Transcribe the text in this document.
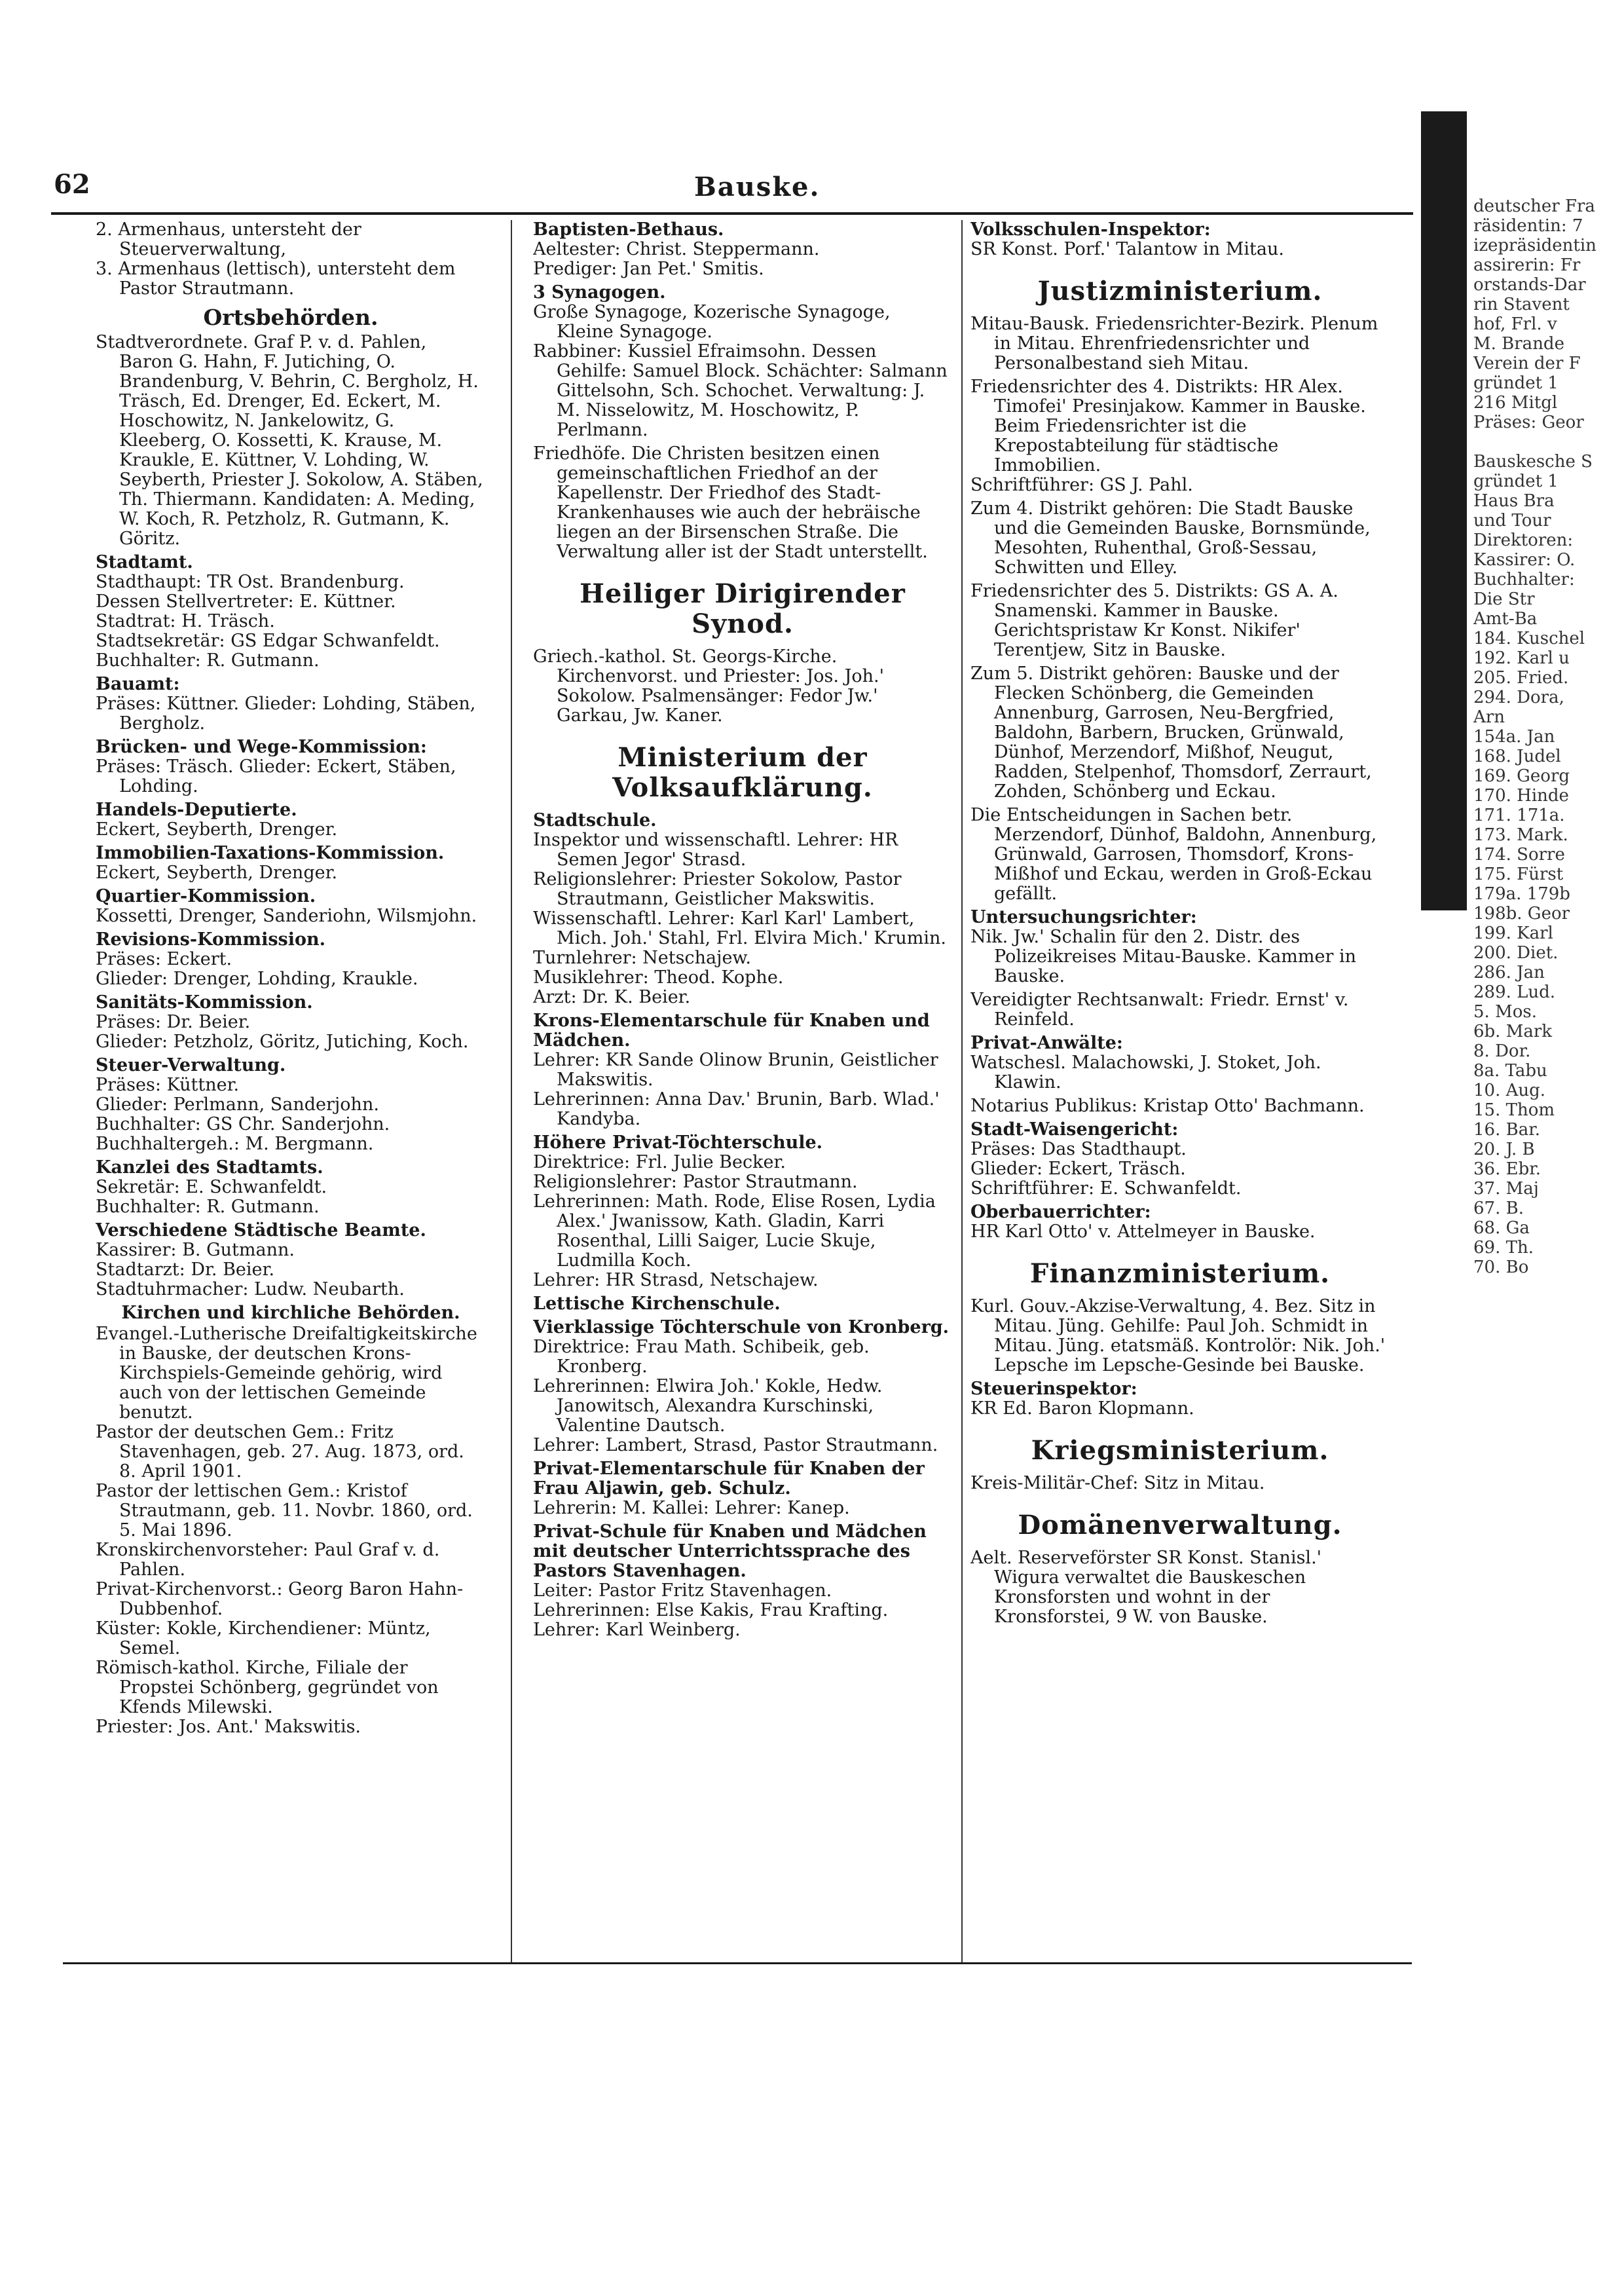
62	Bauske.
2. Armenhaus, untersteht der Steuerverwaltung,
3. Armenhaus (lettisch), untersteht dem Pastor Strautmann.
Ortsbehörden.
Stadtverordnete. Graf P. v. d. Pahlen, Baron G. Hahn, F. Jutiching, O. Brandenburg, V. Behrin, C. Bergholz, H. Träsch, Ed. Drenger, Ed. Eckert, M. Hoschowitz, N. Jankelowitz, G. Kleeberg, O. Kossetti, K. Krause, M. Kraukle, E. Küttner, V. Lohding, W. Seyberth, Priester J. Sokolow, A. Stäben, Th. Thiermann. Kandidaten: A. Meding, W. Koch, R. Petzholz, R. Gutmann, K. Göritz.
Stadtamt.
Stadthaupt: TR Ost. Brandenburg.
Dessen Stellvertreter: E. Küttner.
Stadtrat: H. Träsch.
Stadtsekretär: GS Edgar Schwanfeldt.
Buchhalter: R. Gutmann.
Bauamt:
Präses: Küttner. Glieder: Lohding, Stäben, Bergholz.
Brücken- und Wege-Kommission:
Präses: Träsch. Glieder: Eckert, Stäben, Lohding.
Handels-Deputierte.
Eckert, Seyberth, Drenger.
Immobilien-Taxations-Kommission.
Eckert, Seyberth, Drenger.
Quartier-Kommission.
Kossetti, Drenger, Sanderiohn, Wilsmjohn.
Revisions-Kommission.
Präses: Eckert.
Glieder: Drenger, Lohding, Kraukle.
Sanitäts-Kommission.
Präses: Dr. Beier.
Glieder: Petzholz, Göritz, Jutiching, Koch.
Steuer-Verwaltung.
Präses: Küttner.
Glieder: Perlmann, Sanderjohn.
Buchhalter: GS Chr. Sanderjohn.
Buchhaltergeh.: M. Bergmann.
Kanzlei des Stadtamts.
Sekretär: E. Schwanfeldt.
Buchhalter: R. Gutmann.
Verschiedene Städtische Beamte.
Kassirer: B. Gutmann.
Stadtarzt: Dr. Beier.
Stadtuhrmacher: Ludw. Neubarth.
Kirchen und kirchliche Behörden.
Evangel.-Lutherische Dreifaltigkeitskirche in Bauske, der deutschen Krons-Kirchspiels-Gemeinde gehörig, wird auch von der lettischen Gemeinde benutzt.
Pastor der deutschen Gem.: Fritz Stavenhagen, geb. 27. Aug. 1873, ord. 8. April 1901.
Pastor der lettischen Gem.: Kristof Strautmann, geb. 11. Novbr. 1860, ord. 5. Mai 1896.
Kronskirchenvorsteher: Paul Graf v. d. Pahlen.
Privat-Kirchenvorst.: Georg Baron Hahn-Dubbenhof.
Küster: Kokle, Kirchendiener: Müntz, Semel.
Römisch-kathol. Kirche, Filiale der Propstei Schönberg, gegründet von Kfends Milewski.
Priester: Jos. Ant.' Makswitis.
Baptisten-Bethaus.
Aeltester: Christ. Steppermann.
Prediger: Jan Pet.' Smitis.
3 Synagogen.
Große Synagoge, Kozerische Synagoge, Kleine Synagoge.
Rabbiner: Kussiel Efraimsohn. Dessen Gehilfe: Samuel Block. Schächter: Salmann Gittelsohn, Sch. Schochet. Verwaltung: J. M. Nisselowitz, M. Hoschowitz, P. Perlmann.
Friedhöfe. Die Christen besitzen einen gemeinschaftlichen Friedhof an der Kapellenstr. Der Friedhof des Stadt-Krankenhauses wie auch der hebräische liegen an der Birsenschen Straße. Die Verwaltung aller ist der Stadt unterstellt.
Heiliger Dirigirender Synod.
Griech.-kathol. St. Georgs-Kirche. Kirchenvorst. und Priester: Jos. Joh.' Sokolow. Psalmensänger: Fedor Jw.' Garkau, Jw. Kaner.
Ministerium der Volksaufklärung.
Stadtschule.
Inspektor und wissenschaftl. Lehrer: HR Semen Jegor' Strasd.
Religionslehrer: Priester Sokolow, Pastor Strautmann, Geistlicher Makswitis.
Wissenschaftl. Lehrer: Karl Karl' Lambert, Mich. Joh.' Stahl, Frl. Elvira Mich.' Krumin.
Turnlehrer: Netschajew.
Musiklehrer: Theod. Kophe.
Arzt: Dr. K. Beier.
Krons-Elementarschule für Knaben und Mädchen.
Lehrer: KR Sande Olinow Brunin, Geistlicher Makswitis.
Lehrerinnen: Anna Dav.' Brunin, Barb. Wlad.' Kandyba.
Höhere Privat-Töchterschule.
Direktrice: Frl. Julie Becker.
Religionslehrer: Pastor Strautmann.
Lehrerinnen: Math. Rode, Elise Rosen, Lydia Alex.' Jwanissow, Kath. Gladin, Karri Rosenthal, Lilli Saiger, Lucie Skuje, Ludmilla Koch.
Lehrer: HR Strasd, Netschajew.
Lettische Kirchenschule.
Vierklassige Töchterschule von Kronberg.
Direktrice: Frau Math. Schibeik, geb. Kronberg.
Lehrerinnen: Elwira Joh.' Kokle, Hedw. Janowitsch, Alexandra Kurschinski, Valentine Dautsch.
Lehrer: Lambert, Strasd, Pastor Strautmann.
Privat-Elementarschule für Knaben der Frau Aljawin, geb. Schulz.
Lehrerin: M. Kallei: Lehrer: Kanep.
Privat-Schule für Knaben und Mädchen mit deutscher Unterrichtssprache des Pastors Stavenhagen.
Leiter: Pastor Fritz Stavenhagen.
Lehrerinnen: Else Kakis, Frau Krafting.
Lehrer: Karl Weinberg.
Volksschulen-Inspektor:
SR Konst. Porf.' Talantow in Mitau.
Justizministerium.
Mitau-Bausk. Friedensrichter-Bezirk. Plenum in Mitau. Ehrenfriedensrichter und Personalbestand sieh Mitau.
Friedensrichter des 4. Distrikts: HR Alex. Timofei' Presinjakow. Kammer in Bauske. Beim Friedensrichter ist die Krepostabteilung für städtische Immobilien.
Schriftführer: GS J. Pahl.
Zum 4. Distrikt gehören: Die Stadt Bauske und die Gemeinden Bauske, Bornsmünde, Mesohten, Ruhenthal, Groß-Sessau, Schwitten und Elley.
Friedensrichter des 5. Distrikts: GS A. A. Snamenski. Kammer in Bauske. Gerichtspristaw Kr Konst. Nikifer' Terentjew, Sitz in Bauske.
Zum 5. Distrikt gehören: Bauske und der Flecken Schönberg, die Gemeinden Annenburg, Garrosen, Neu-Bergfried, Baldohn, Barbern, Brucken, Grünwald, Dünhof, Merzendorf, Mißhof, Neugut, Radden, Stelpenhof, Thomsdorf, Zerraurt, Zohden, Schönberg und Eckau.
Die Entscheidungen in Sachen betr. Merzendorf, Dünhof, Baldohn, Annenburg, Grünwald, Garrosen, Thomsdorf, Krons-Mißhof und Eckau, werden in Groß-Eckau gefällt.
Untersuchungsrichter:
Nik. Jw.' Schalin für den 2. Distr. des Polizeikreises Mitau-Bauske. Kammer in Bauske.
Vereidigter Rechtsanwalt: Friedr. Ernst' v. Reinfeld.
Privat-Anwälte:
Watschesl. Malachowski, J. Stoket, Joh. Klawin.
Notarius Publikus: Kristap Otto' Bachmann.
Stadt-Waisengericht:
Präses: Das Stadthaupt.
Glieder: Eckert, Träsch.
Schriftführer: E. Schwanfeldt.
Oberbauerrichter:
HR Karl Otto' v. Attelmeyer in Bauske.
Finanzministerium.
Kurl. Gouv.-Akzise-Verwaltung, 4. Bez. Sitz in Mitau. Jüng. Gehilfe: Paul Joh. Schmidt in Mitau. Jüng. etatsmäß. Kontrolör: Nik. Joh.' Lepsche im Lepsche-Gesinde bei Bauske.
Steuerinspektor:
KR Ed. Baron Klopmann.
Kriegsministerium.
Kreis-Militär-Chef: Sitz in Mitau.
Domänenverwaltung.
Aelt. Reserveförster SR Konst. Stanisl.' Wigura verwaltet die Bauskeschen Kronsforsten und wohnt in der Kronsforstei, 9 W. von Bauske.
deutscher Fra
räsidentin: 7
izepräsidentin
assirerin: Fr
orstands-Dar
rin Stavent
hof, Frl. v
M. Brande
Verein der F
gründet 1
216 Mitgl
Präses: Geor
Bauskesche S
gründet 1
Haus Bra
und Tour
Direktoren:
Kassirer: O.
Buchhalter:
Die Str
Amt-Ba
184. Kuschel
192. Karl u
205. Fried.
294. Dora,
Arn
154a. Jan
168. Judel
169. Georg
170. Hinde
171. 171a.
173. Mark.
174. Sorre
175. Fürst
179a. 179b
198b. Geor
199. Karl
200. Diet.
286. Jan
289. Lud.
5. Mos.
6b. Mark
8. Dor.
8a. Tabu
10. Aug.
15. Thom
16. Bar.
20. J. B
36. Ebr.
37. Maj
67. B.
68. Ga
69. Th.
70. Bo
